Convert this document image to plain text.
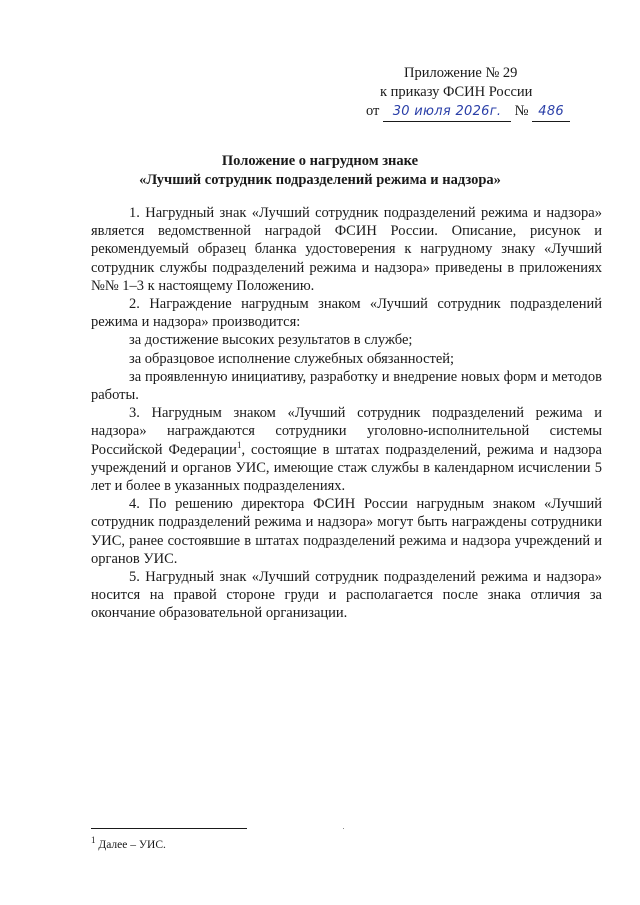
Приложение № 29
к приказу ФСИН России
от 30 июля 2026г. № 486
Положение о нагрудном знаке
«Лучший сотрудник подразделений режима и надзора»

1. Нагрудный знак «Лучший сотрудник подразделений режима и надзора» является ведомственной наградой ФСИН России. Описание, рисунок и рекомендуемый образец бланка удостоверения к нагрудному знаку «Лучший сотрудник службы подразделений режима и надзора» приведены в приложениях №№ 1–3 к настоящему Положению.

2. Награждение нагрудным знаком «Лучший сотрудник подразделений режима и надзора» производится:

за достижение высоких результатов в службе;

за образцовое исполнение служебных обязанностей;

за проявленную инициативу, разработку и внедрение новых форм и методов работы.

3. Нагрудным знаком «Лучший сотрудник подразделений режима и надзора» награждаются сотрудники уголовно-исполнительной системы Российской Федерации$^1$, состоящие в штатах подразделений, режима и надзора учреждений и органов УИС, имеющие стаж службы в календарном исчислении 5 лет и более в указанных подразделениях.

4. По решению директора ФСИН России нагрудным знаком «Лучший сотрудник подразделений режима и надзора» могут быть награждены сотрудники УИС, ранее состоявшие в штатах подразделений режима и надзора учреждений и органов УИС.

5. Нагрудный знак «Лучший сотрудник подразделений режима и надзора» носится на правой стороне груди и располагается после знака отличия за окончание образовательной организации.

$^1$ Далее – УИС.
